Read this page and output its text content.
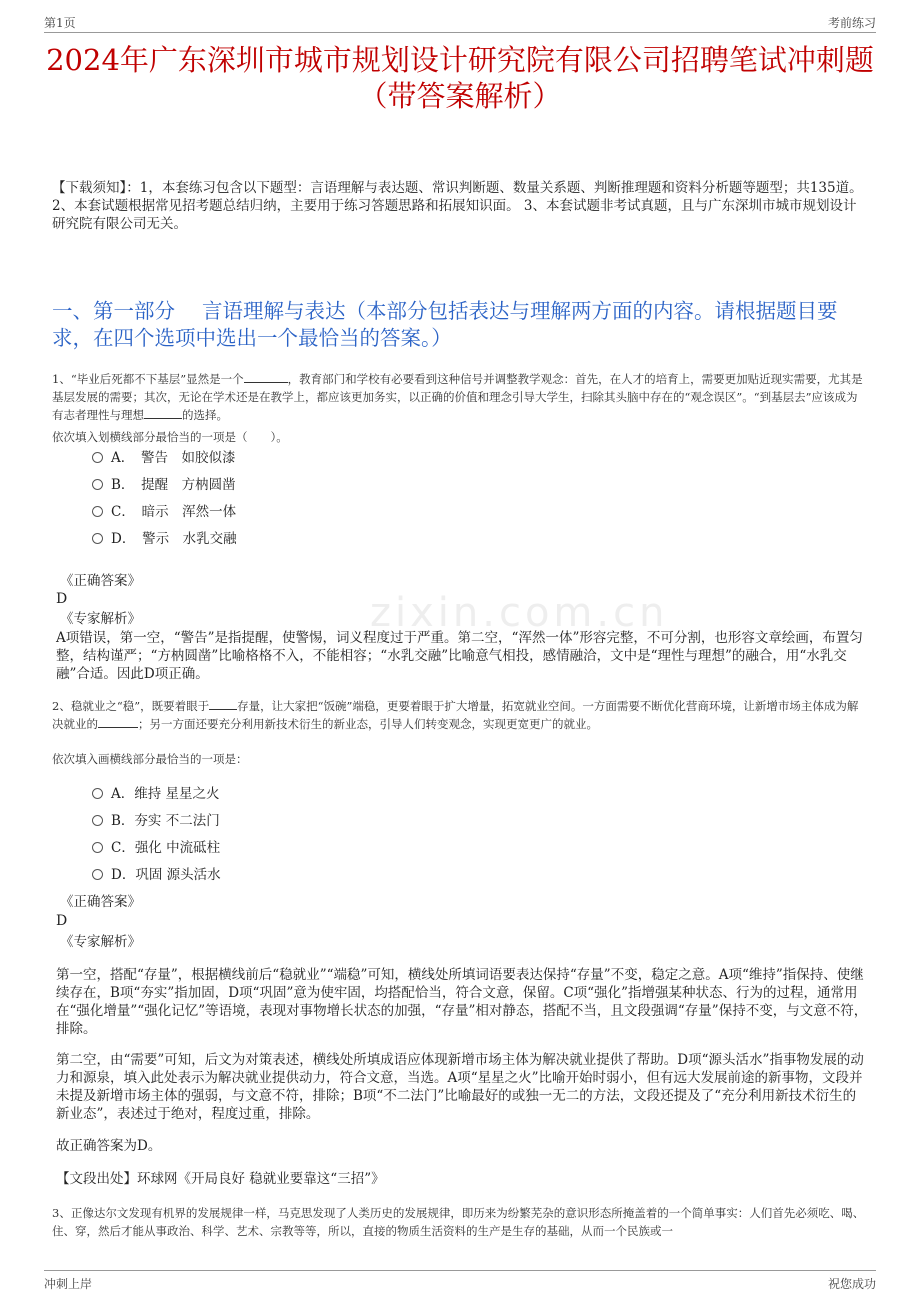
第1页	考前练习
zixin.com.cn
2024年广东深圳市城市规划设计研究院有限公司招聘笔试冲刺题（带答案解析）
【下载须知】：1，本套练习包含以下题型：言语理解与表达题、常识判断题、数量关系题、判断推理题和资料分析题等题型；共135道。 2、本套试题根据常见招考题总结归纳，主要用于练习答题思路和拓展知识面。 3、本套试题非考试真题，且与广东深圳市城市规划设计研究院有限公司无关。
一、第一部分　 言语理解与表达（本部分包括表达与理解两方面的内容。请根据题目要求，在四个选项中选出一个最恰当的答案。）
1、“毕业后死都不下基层”显然是一个	，教育部门和学校有必要看到这种信号并调整教学观念：首先，在人才的培育上，需要更加贴近现实需要，尤其是基层发展的需要；其次，无论在学术还是在教学上，都应该更加务实，以正确的价值和理念引导大学生，扫除其头脑中存在的“观念误区”。“到基层去”应该成为有志者理性与理想	的选择。
依次填入划横线部分最恰当的一项是（　　）。
A．　警告　如胶似漆
B．　提醒　方枘圆凿
C．　暗示　浑然一体
D．　警示　水乳交融
《正确答案》
D
《专家解析》
A项错误，第一空，“警告”是指提醒，使警惕，词义程度过于严重。第二空，“浑然一体”形容完整，不可分割，也形容文章绘画，布置匀整，结构谨严；“方枘圆凿”比喻格格不入，不能相容；“水乳交融”比喻意气相投，感情融洽，文中是“理性与理想”的融合，用“水乳交融”合适。因此D项正确。
2、稳就业之“稳”，既要着眼于 存量，让大家把“饭碗”端稳，更要着眼于扩大增量，拓宽就业空间。一方面需要不断优化营商环境，让新增市场主体成为解决就业的	；另一方面还要充分利用新技术衍生的新业态，引导人们转变观念，实现更宽更广的就业。
依次填入画横线部分最恰当的一项是：
A．维持 星星之火
B．夯实 不二法门
C．强化 中流砥柱
D．巩固 源头活水
《正确答案》
D
《专家解析》
第一空，搭配“存量”，根据横线前后“稳就业”“端稳”可知，横线处所填词语要表达保持“存量”不变，稳定之意。A项“维持”指保持、使继续存在，B项“夯实”指加固，D项“巩固”意为使牢固，均搭配恰当，符合文意，保留。C项“强化”指增强某种状态、行为的过程，通常用在“强化增量”“强化记忆”等语境，表现对事物增长状态的加强，“存量”相对静态，搭配不当，且文段强调“存量”保持不变，与文意不符，排除。
第二空，由“需要”可知，后文为对策表述，横线处所填成语应体现新增市场主体为解决就业提供了帮助。D项“源头活水”指事物发展的动力和源泉，填入此处表示为解决就业提供动力，符合文意，当选。A项“星星之火”比喻开始时弱小，但有远大发展前途的新事物，文段并未提及新增市场主体的强弱，与文意不符，排除；B项“不二法门”比喻最好的或独一无二的方法，文段还提及了“充分利用新技术衍生的新业态”，表述过于绝对，程度过重，排除。
故正确答案为D。
【文段出处】环球网《开局良好 稳就业要靠这“三招”》
3、正像达尔文发现有机界的发展规律一样，马克思发现了人类历史的发展规律，即历来为纷繁芜杂的意识形态所掩盖着的一个简单事实：人们首先必须吃、喝、住、穿，然后才能从事政治、科学、艺术、宗教等等，所以，直接的物质生活资料的生产是生存的基础，从而一个民族或一
冲刺上岸	祝您成功
